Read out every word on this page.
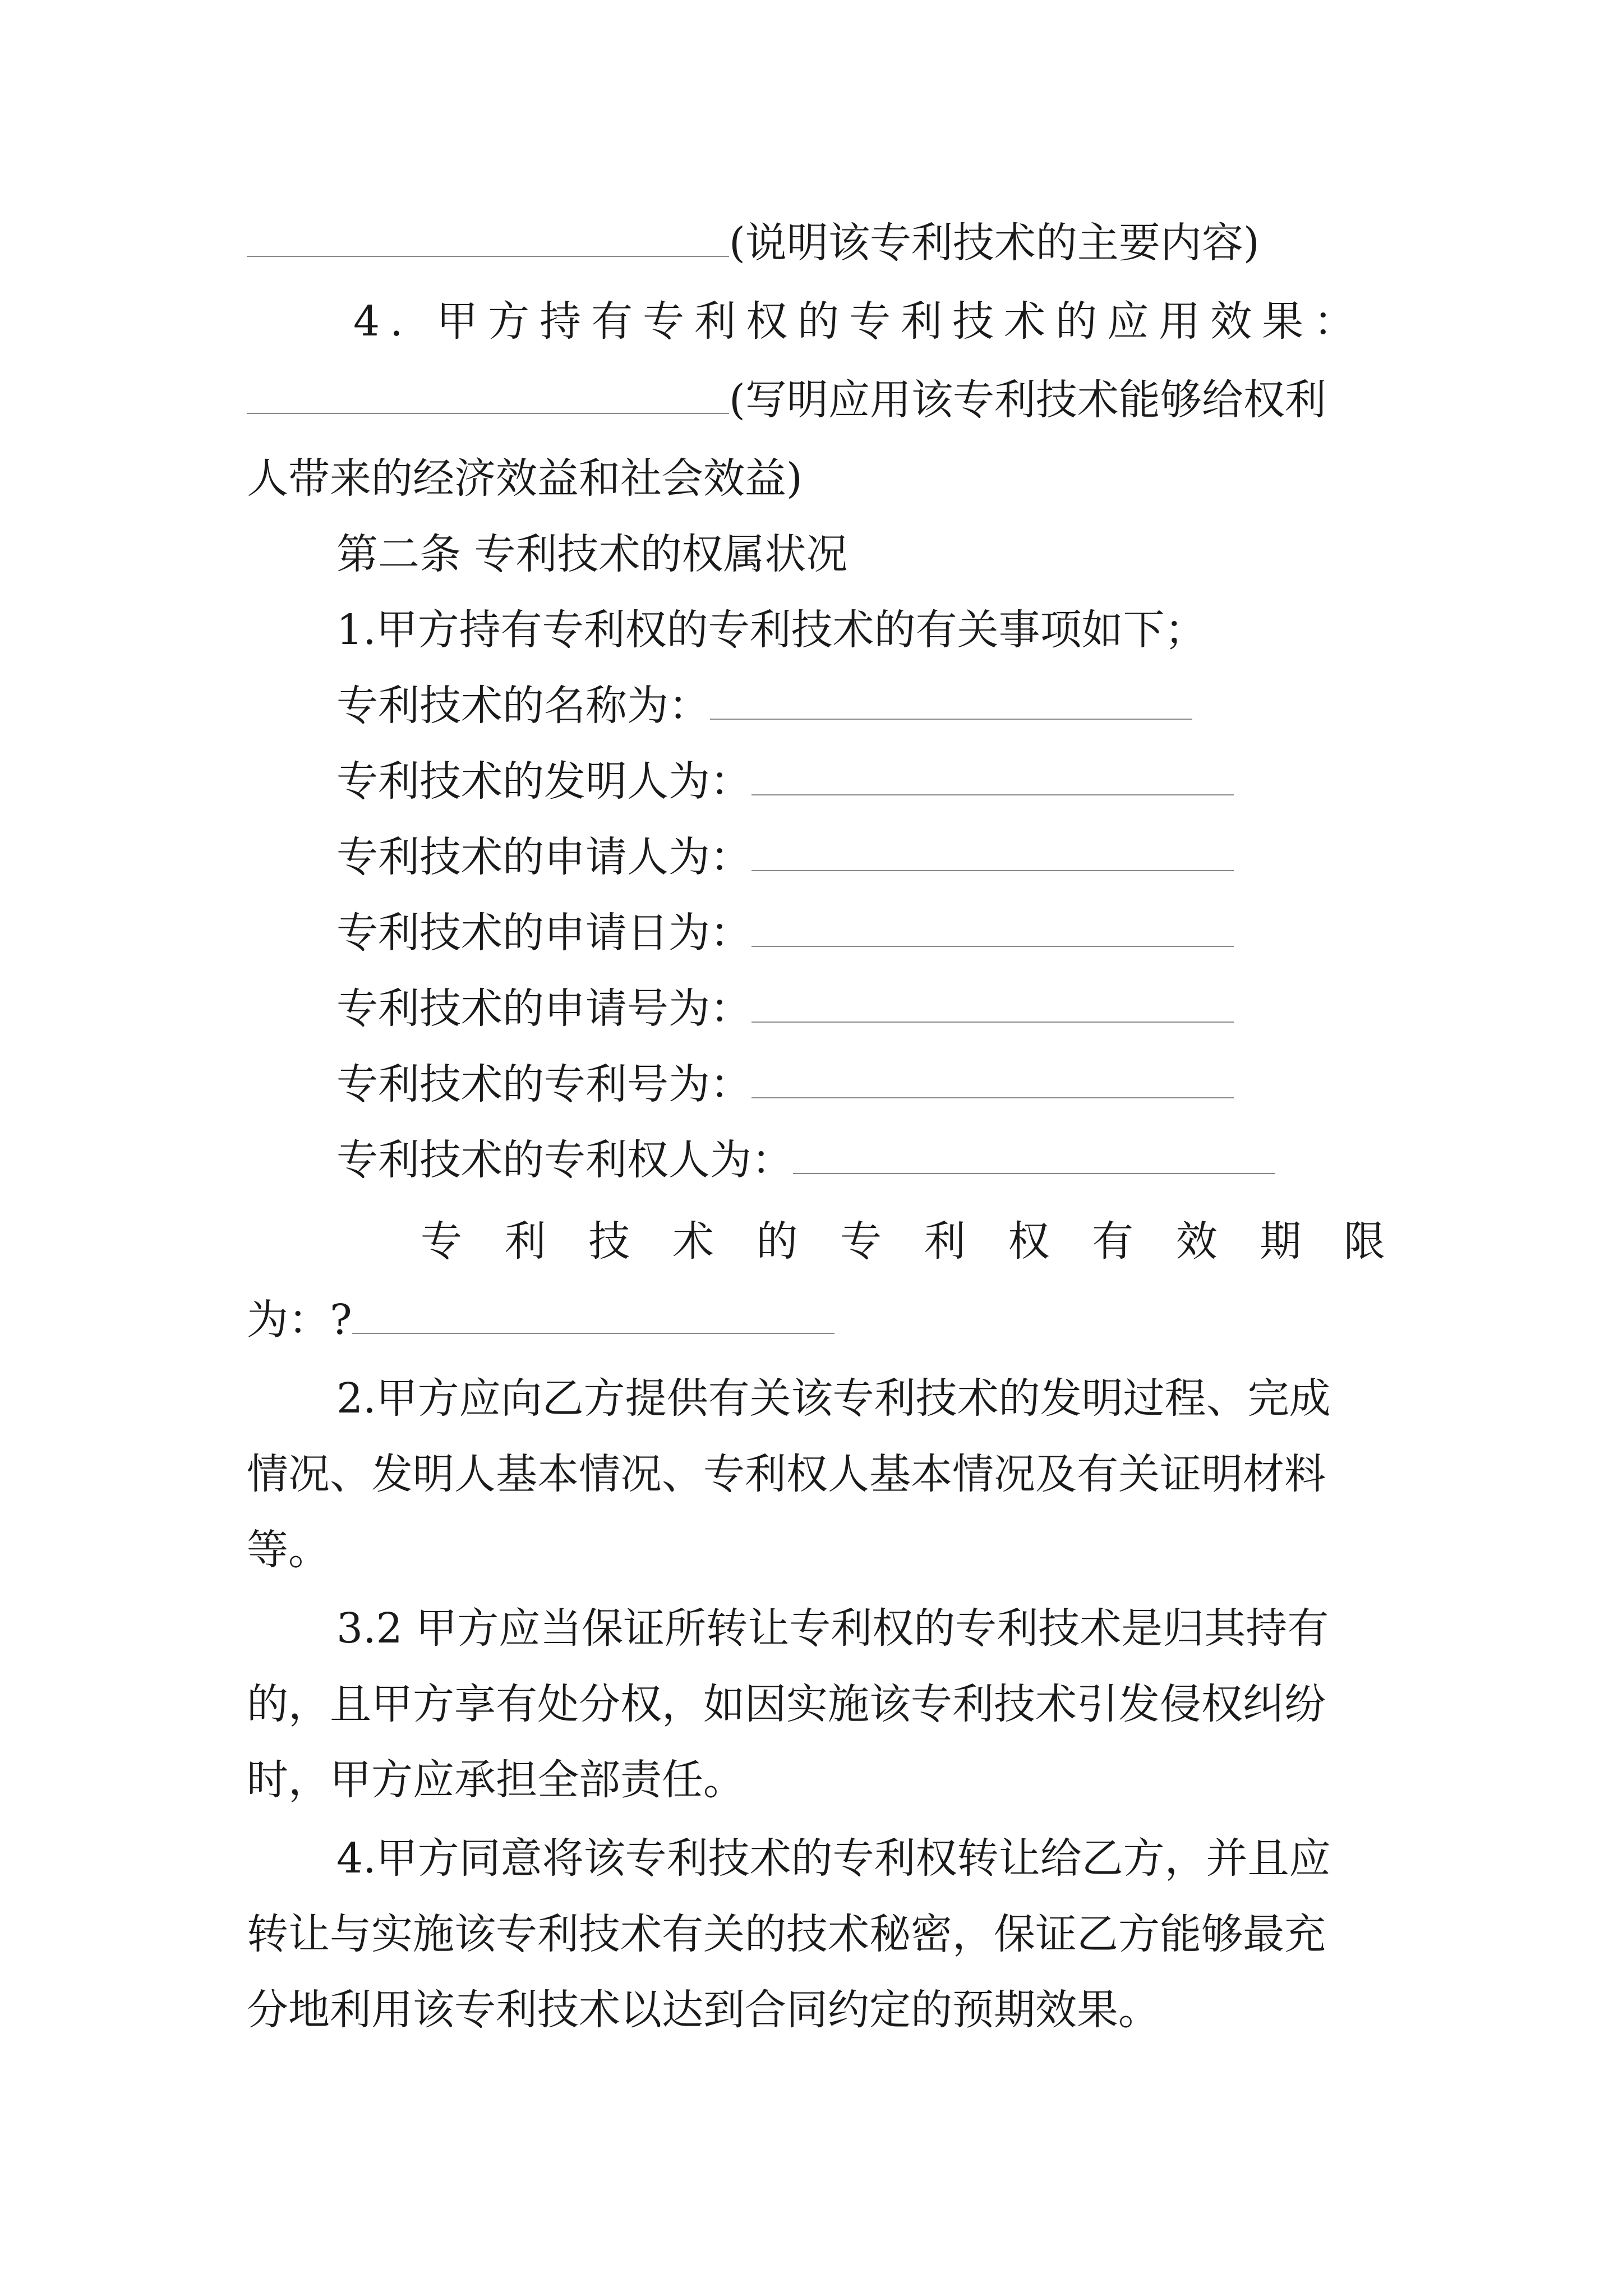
(说明该专利技术的主要内容)
4. 甲方持有专利权的专利技术的应用效果：
(写明应用该专利技术能够给权利
人带来的经济效益和社会效益)
第二条 专利技术的权属状况
1.甲方持有专利权的专利技术的有关事项如下；
专利技术的名称为：
专利技术的发明人为：
专利技术的申请人为：
专利技术的申请日为：
专利技术的申请号为：
专利技术的专利号为：
专利技术的专利权人为：
专 利 技 术 的 专 利 权 有 效 期 限
为：?
2.甲方应向乙方提供有关该专利技术的发明过程、完成
情况、发明人基本情况、专利权人基本情况及有关证明材料
等。
3.2 甲方应当保证所转让专利权的专利技术是归其持有
的，且甲方享有处分权，如因实施该专利技术引发侵权纠纷
时，甲方应承担全部责任。
4.甲方同意将该专利技术的专利权转让给乙方，并且应
转让与实施该专利技术有关的技术秘密，保证乙方能够最充
分地利用该专利技术以达到合同约定的预期效果。
